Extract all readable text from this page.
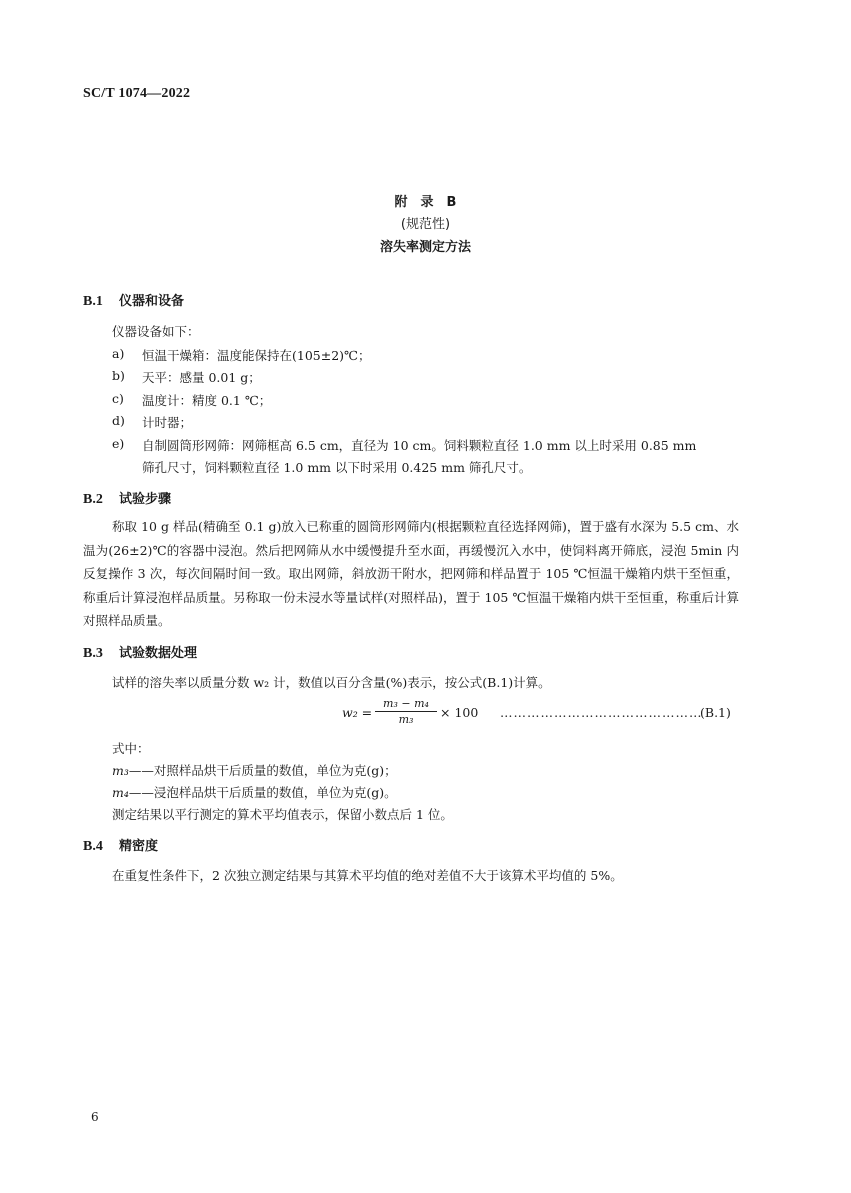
SC/T 1074—2022
附　录　B
(规范性)
溶失率测定方法
B.1 仪器和设备
仪器设备如下：
a) 恒温干燥箱：温度能保持在(105±2)℃；
b) 天平：感量 0.01 g；
c) 温度计：精度 0.1 ℃；
d) 计时器；
e) 自制圆筒形网筛：网筛框高 6.5 cm，直径为 10 cm。饲料颗粒直径 1.0 mm 以上时采用 0.85 mm
筛孔尺寸，饲料颗粒直径 1.0 mm 以下时采用 0.425 mm 筛孔尺寸。
B.2 试验步骤
称取 10 g 样品(精确至 0.1 g)放入已称重的圆筒形网筛内(根据颗粒直径选择网筛)，置于盛有水深为 5.5 cm、水温为(26±2)℃的容器中浸泡。然后把网筛从水中缓慢提升至水面，再缓慢沉入水中，使饲料离开筛底，浸泡 5min 内反复操作 3 次，每次间隔时间一致。取出网筛，斜放沥干附水，把网筛和样品置于 105 ℃恒温干燥箱内烘干至恒重，称重后计算浸泡样品质量。另称取一份未浸水等量试样(对照样品)，置于 105 ℃恒温干燥箱内烘干至恒重，称重后计算对照样品质量。
B.3 试验数据处理
试样的溶失率以质量分数 w₂ 计，数值以百分含量(%)表示，按公式(B.1)计算。
w₂ =
m₃ − m₄
m₃	× 100 ………………………………………
(B.1)
式中：
m₃——对照样品烘干后质量的数值，单位为克(g)；
m₄——浸泡样品烘干后质量的数值，单位为克(g)。
测定结果以平行测定的算术平均值表示，保留小数点后 1 位。
B.4 精密度
在重复性条件下，2 次独立测定结果与其算术平均值的绝对差值不大于该算术平均值的 5%。
6
